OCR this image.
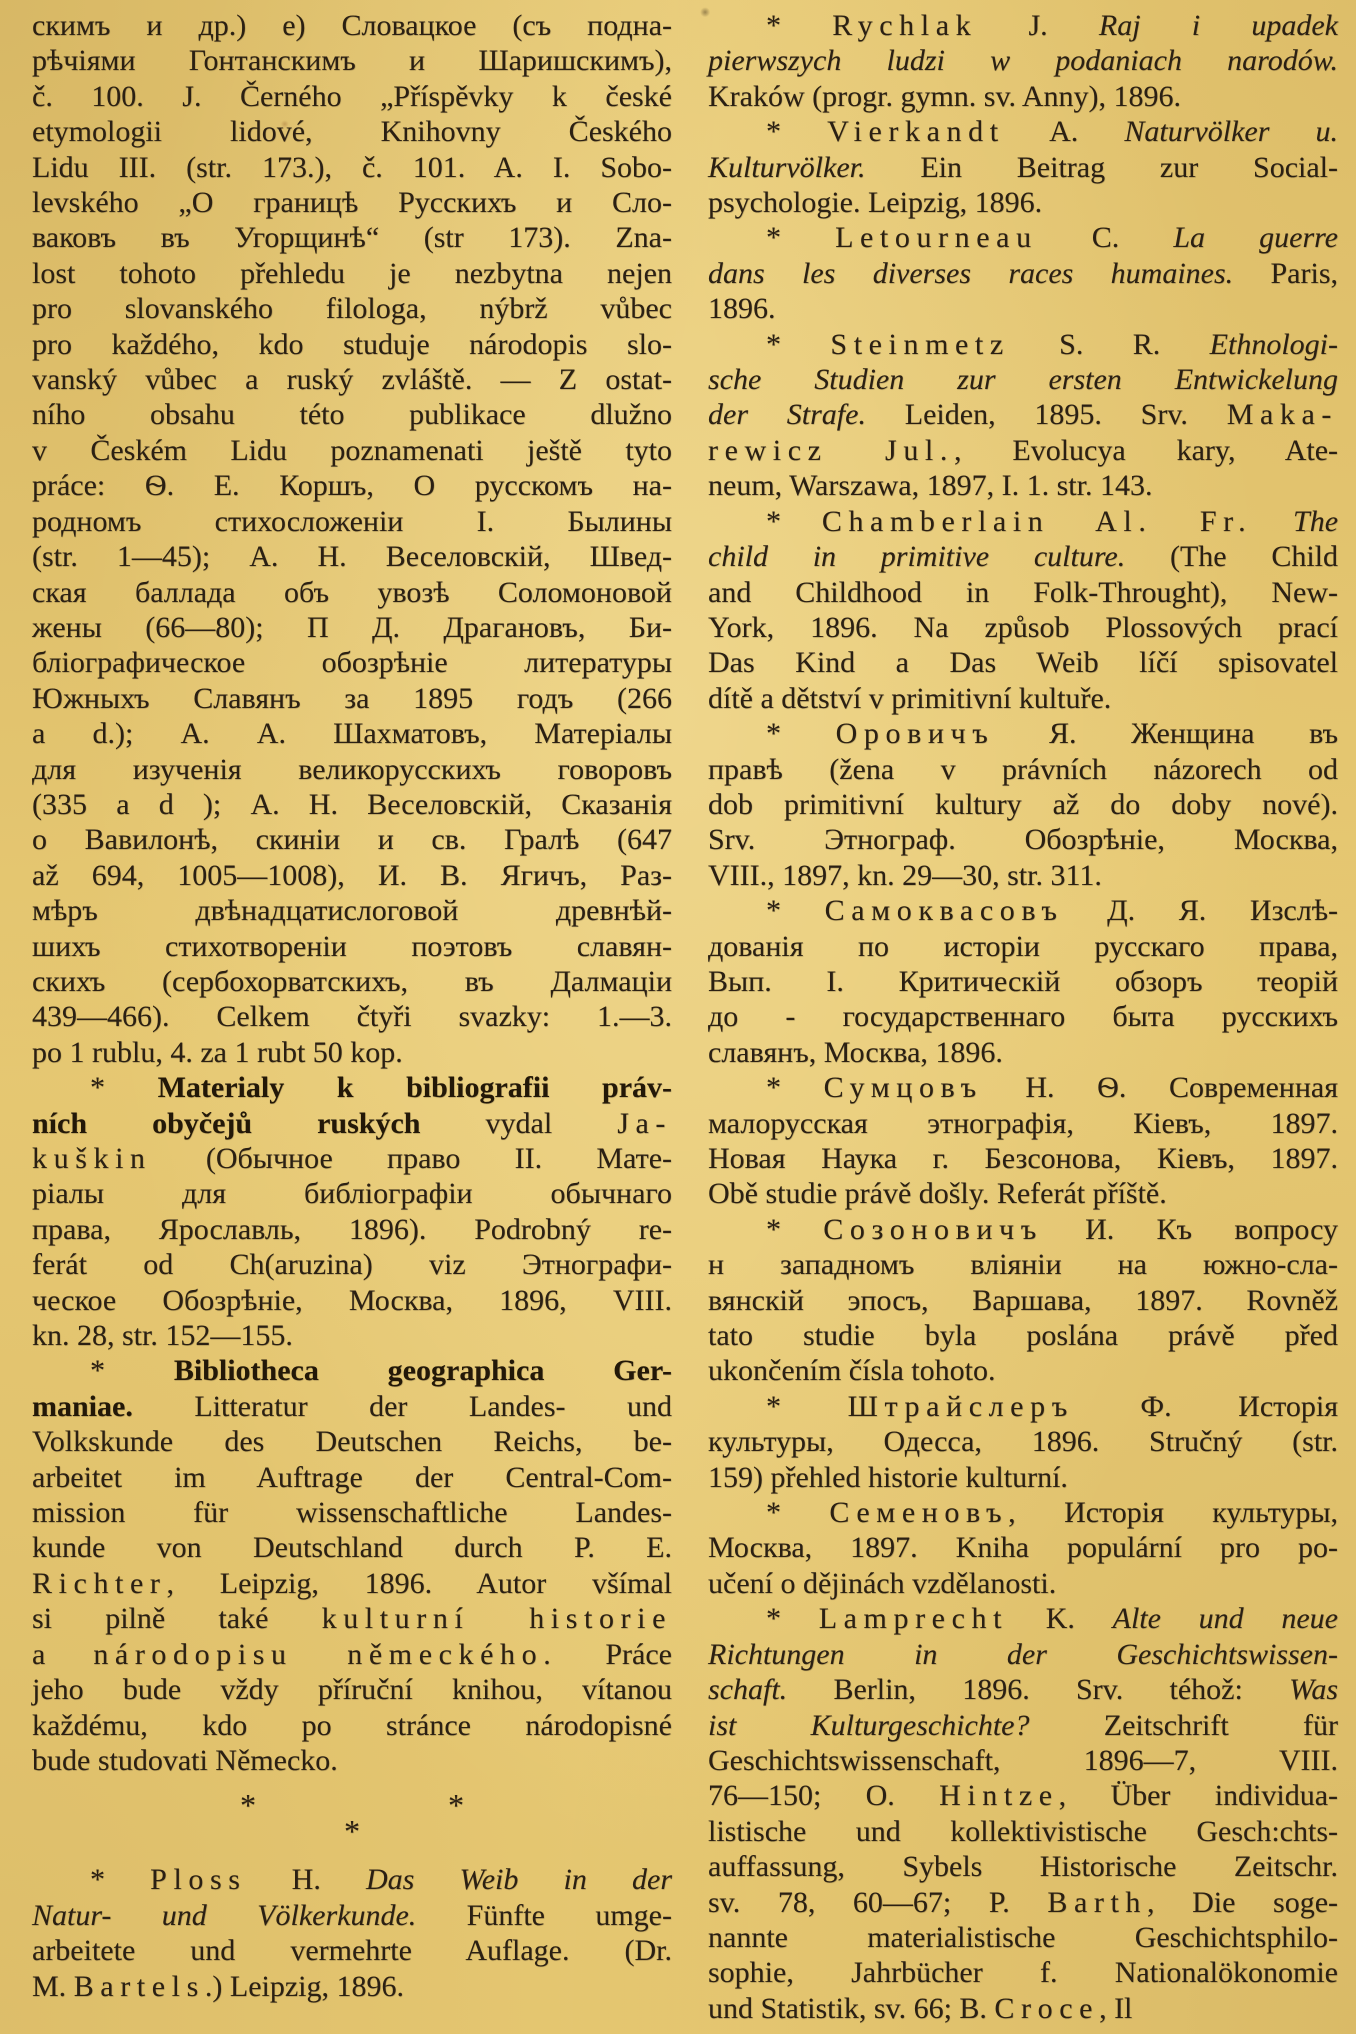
скимъ и др.) e) Словацкое (съ подна-
рѣчіями Гонтанскимъ и Шаришскимъ),
č. 100. J. Černého „Příspěvky k české
etymologii lidové, Knihovny Českého
Lidu III. (str. 173.), č. 101. A. I. Sobo-
levského „О границѣ Русскихъ и Сло-
ваковъ въ Угорщинѣ“ (str 173). Zna-
lost tohoto přehledu je nezbytna nejen
pro slovanského filologa, nýbrž vůbec
pro každého, kdo studuje národopis slo-
vanský vůbec a ruský zvláště. — Z ostat-
ního obsahu této publikace dlužno
v Českém Lidu poznamenati ještě tyto
práce: Ѳ. Е. Коршъ, О русскомъ на-
родномъ стихосложеніи I. Былины
(str. 1—45); А. Н. Веселовскій, Швед-
ская баллада объ увозѣ Соломоновой
жены (66—80); П Д. Драгановъ, Би-
бліографическое обозрѣніе литературы
Южныхъ Славянъ за 1895 годъ (266
a d.); А. А. Шахматовъ, Матеріалы
для изученія великорусскихъ говоровъ
(335 a d ); А. Н. Веселовскій, Сказанія
о Вавилонѣ, скиніи и св. Гралѣ (647
až 694, 1005—1008), И. В. Ягичъ, Раз-
мѣръ двѣнадцатислоговой древнѣй-
шихъ стихотвореніи поэтовъ славян-
скихъ (сербохорватскихъ, въ Далмаціи
439—466). Celkem čtyři svazky: 1.—3.
po 1 rublu, 4. za 1 rubt 50 kop.
* Materialy k bibliografii práv-
ních obyčejů ruských vydal Ja-
kuškin (Обычное право II. Мате-
ріалы для библіографіи обычнаго
права, Ярославль, 1896). Podrobný re-
ferát od Ch(aruzina) viz Этнографи-
ческое Обозрѣніе, Москва, 1896, VIII.
kn. 28, str. 152—155.
* Bibliotheca geographica Ger-
maniae. Litteratur der Landes- und
Volkskunde des Deutschen Reichs, be-
arbeitet im Auftrage der Central-Com-
mission für wissenschaftliche Landes-
kunde von Deutschland durch P. E.
Richter, Leipzig, 1896. Autor všímal
si pilně také kulturní historie
a národopisu německého. Práce
jeho bude vždy příruční knihou, vítanou
každému, kdo po stránce národopisné
bude studovati Německo.
*      *
*
* Ploss H. Das Weib in der
Natur- und Völkerkunde. Fünfte umge-
arbeitete und vermehrte Auflage. (Dr.
M. Bartels.) Leipzig, 1896.
* Rychlak J. Raj i upadek
pierwszych ludzi w podaniach narodów.
Kraków (progr. gymn. sv. Anny), 1896.
* Vierkandt A. Naturvölker u.
Kulturvölker. Ein Beitrag zur Social-
psychologie. Leipzig, 1896.
* Letourneau C. La guerre
dans les diverses races humaines. Paris,
1896.
* Steinmetz S. R. Ethnologi-
sche Studien zur ersten Entwickelung
der Strafe. Leiden, 1895. Srv. Maka-
rewicz Jul., Evolucya kary, Ate-
neum, Warszawa, 1897, I. 1. str. 143.
* Chamberlain Al. Fr. The
child in primitive culture. (The Child
and Childhood in Folk-Throught), New-
York, 1896. Na způsob Plossových prací
Das Kind a Das Weib líčí spisovatel
dítě a dětství v primitivní kultuře.
* Оровичъ Я. Женщина въ
правѣ (žena v právních názorech od
dob primitivní kultury až do doby nové).
Srv. Этнограф. Обозрѣніе, Москва,
VIII., 1897, kn. 29—30, str. 311.
* Самоквасовъ Д. Я. Изслѣ-
дованія по исторіи русскаго права,
Вып. I. Критическій обзоръ теорій
до - государственнаго быта русскихъ
славянъ, Москва, 1896.
* Сумцовъ Н. Ѳ. Современная
малорусская этнографія, Кіевъ, 1897.
Новая Наука г. Безсонова, Кіевъ, 1897.
Obě studie právě došly. Referát příště.
* Созоновичъ И. Къ вопросу
н западномъ вліяніи на южно-сла-
вянскій эпосъ, Варшава, 1897. Rovněž
tato studie byla poslána právě před
ukončením čísla tohoto.
* Штрайслеръ Ф. Исторія
культуры, Одесса, 1896. Stručný (str.
159) přehled historie kulturní.
* Семеновъ, Исторія культуры,
Москва, 1897. Kniha populární pro po-
učení o dějinách vzdělanosti.
* Lamprecht K. Alte und neue
Richtungen in der Geschichtswissen-
schaft. Berlin, 1896. Srv. téhož: Was
ist Kulturgeschichte? Zeitschrift für
Geschichtswissenschaft, 1896—7, VIII.
76—150; O. Hintze, Über individua-
listische und kollektivistische Gesch:chts-
auffassung, Sybels Historische Zeitschr.
sv. 78, 60—67; P. Barth, Die soge-
nannte materialistische Geschichtsphilo-
sophie, Jahrbücher f. Nationalökonomie
und Statistik, sv. 66; B. Croce, Il
